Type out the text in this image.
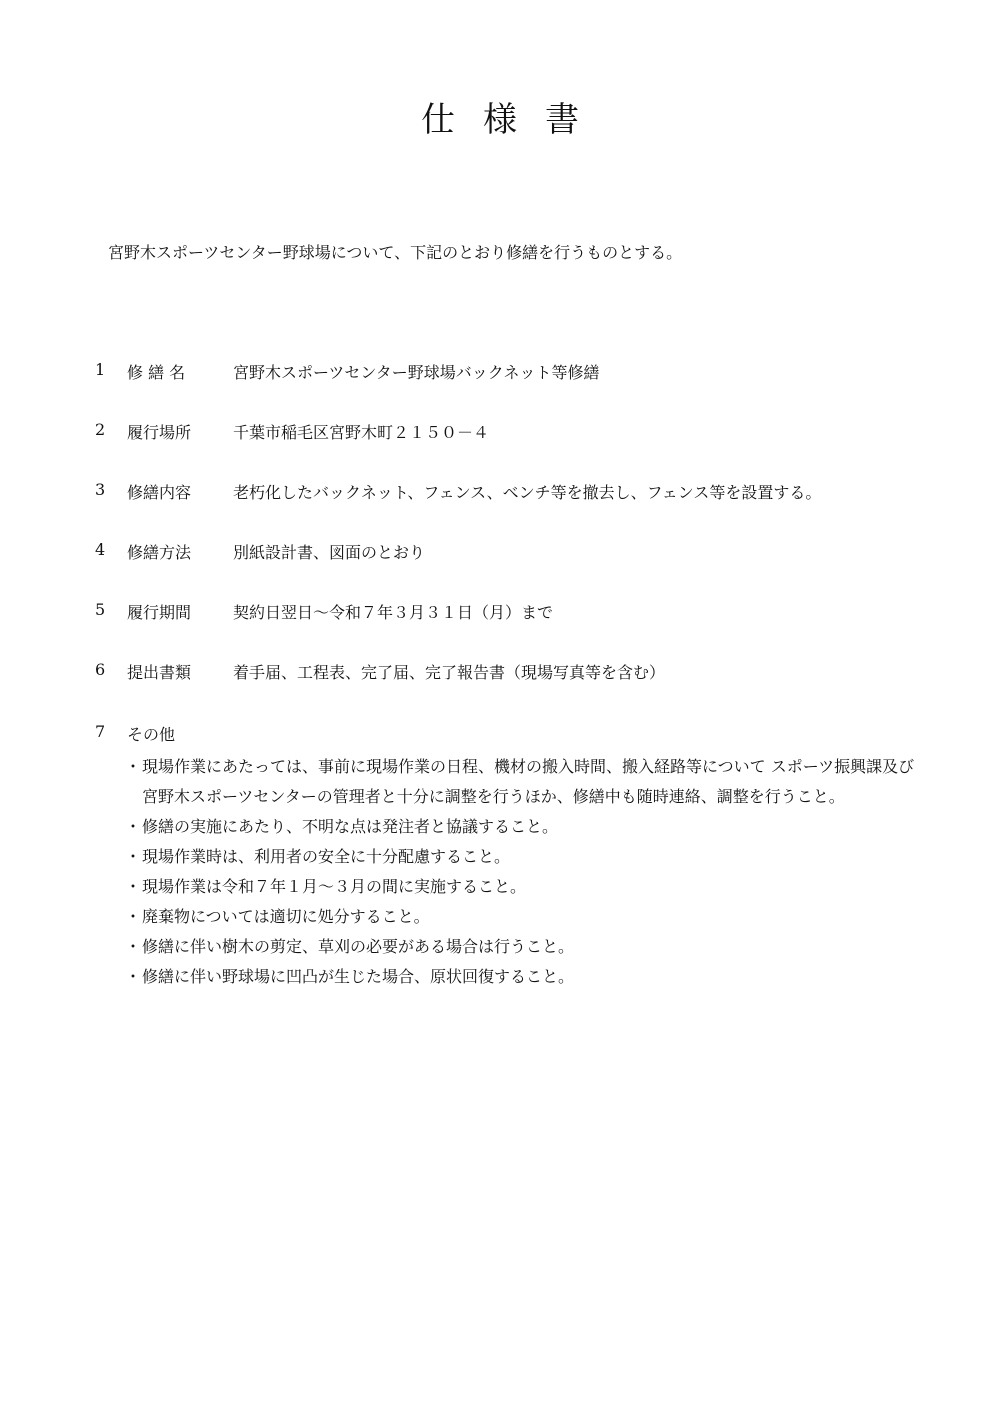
仕様書

宮野木スポーツセンター野球場について、下記のとおり修繕を行うものとする。

1 修 繕 名	宮野木スポーツセンター野球場バックネット等修繕
2 履行場所	千葉市稲毛区宮野木町２１５０－４
3 修繕内容	老朽化したバックネット、フェンス、ベンチ等を撤去し、フェンス等を設置する。
4 修繕方法	別紙設計書、図面のとおり
5 履行期間	契約日翌日～令和７年３月３１日（月）まで
6 提出書類	着手届、工程表、完了届、完了報告書（現場写真等を含む）
7 その他
・ 現場作業にあたっては、事前に現場作業の日程、機材の搬入時間、搬入経路等について スポーツ振興課及び宮野木スポーツセンターの管理者と十分に調整を行うほか、修繕中も随時連絡、調整を行うこと。
・ 修繕の実施にあたり、不明な点は発注者と協議すること。
・ 現場作業時は、利用者の安全に十分配慮すること。
・ 現場作業は令和７年１月～３月の間に実施すること。
・ 廃棄物については適切に処分すること。
・ 修繕に伴い樹木の剪定、草刈の必要がある場合は行うこと。
・ 修繕に伴い野球場に凹凸が生じた場合、原状回復すること。
